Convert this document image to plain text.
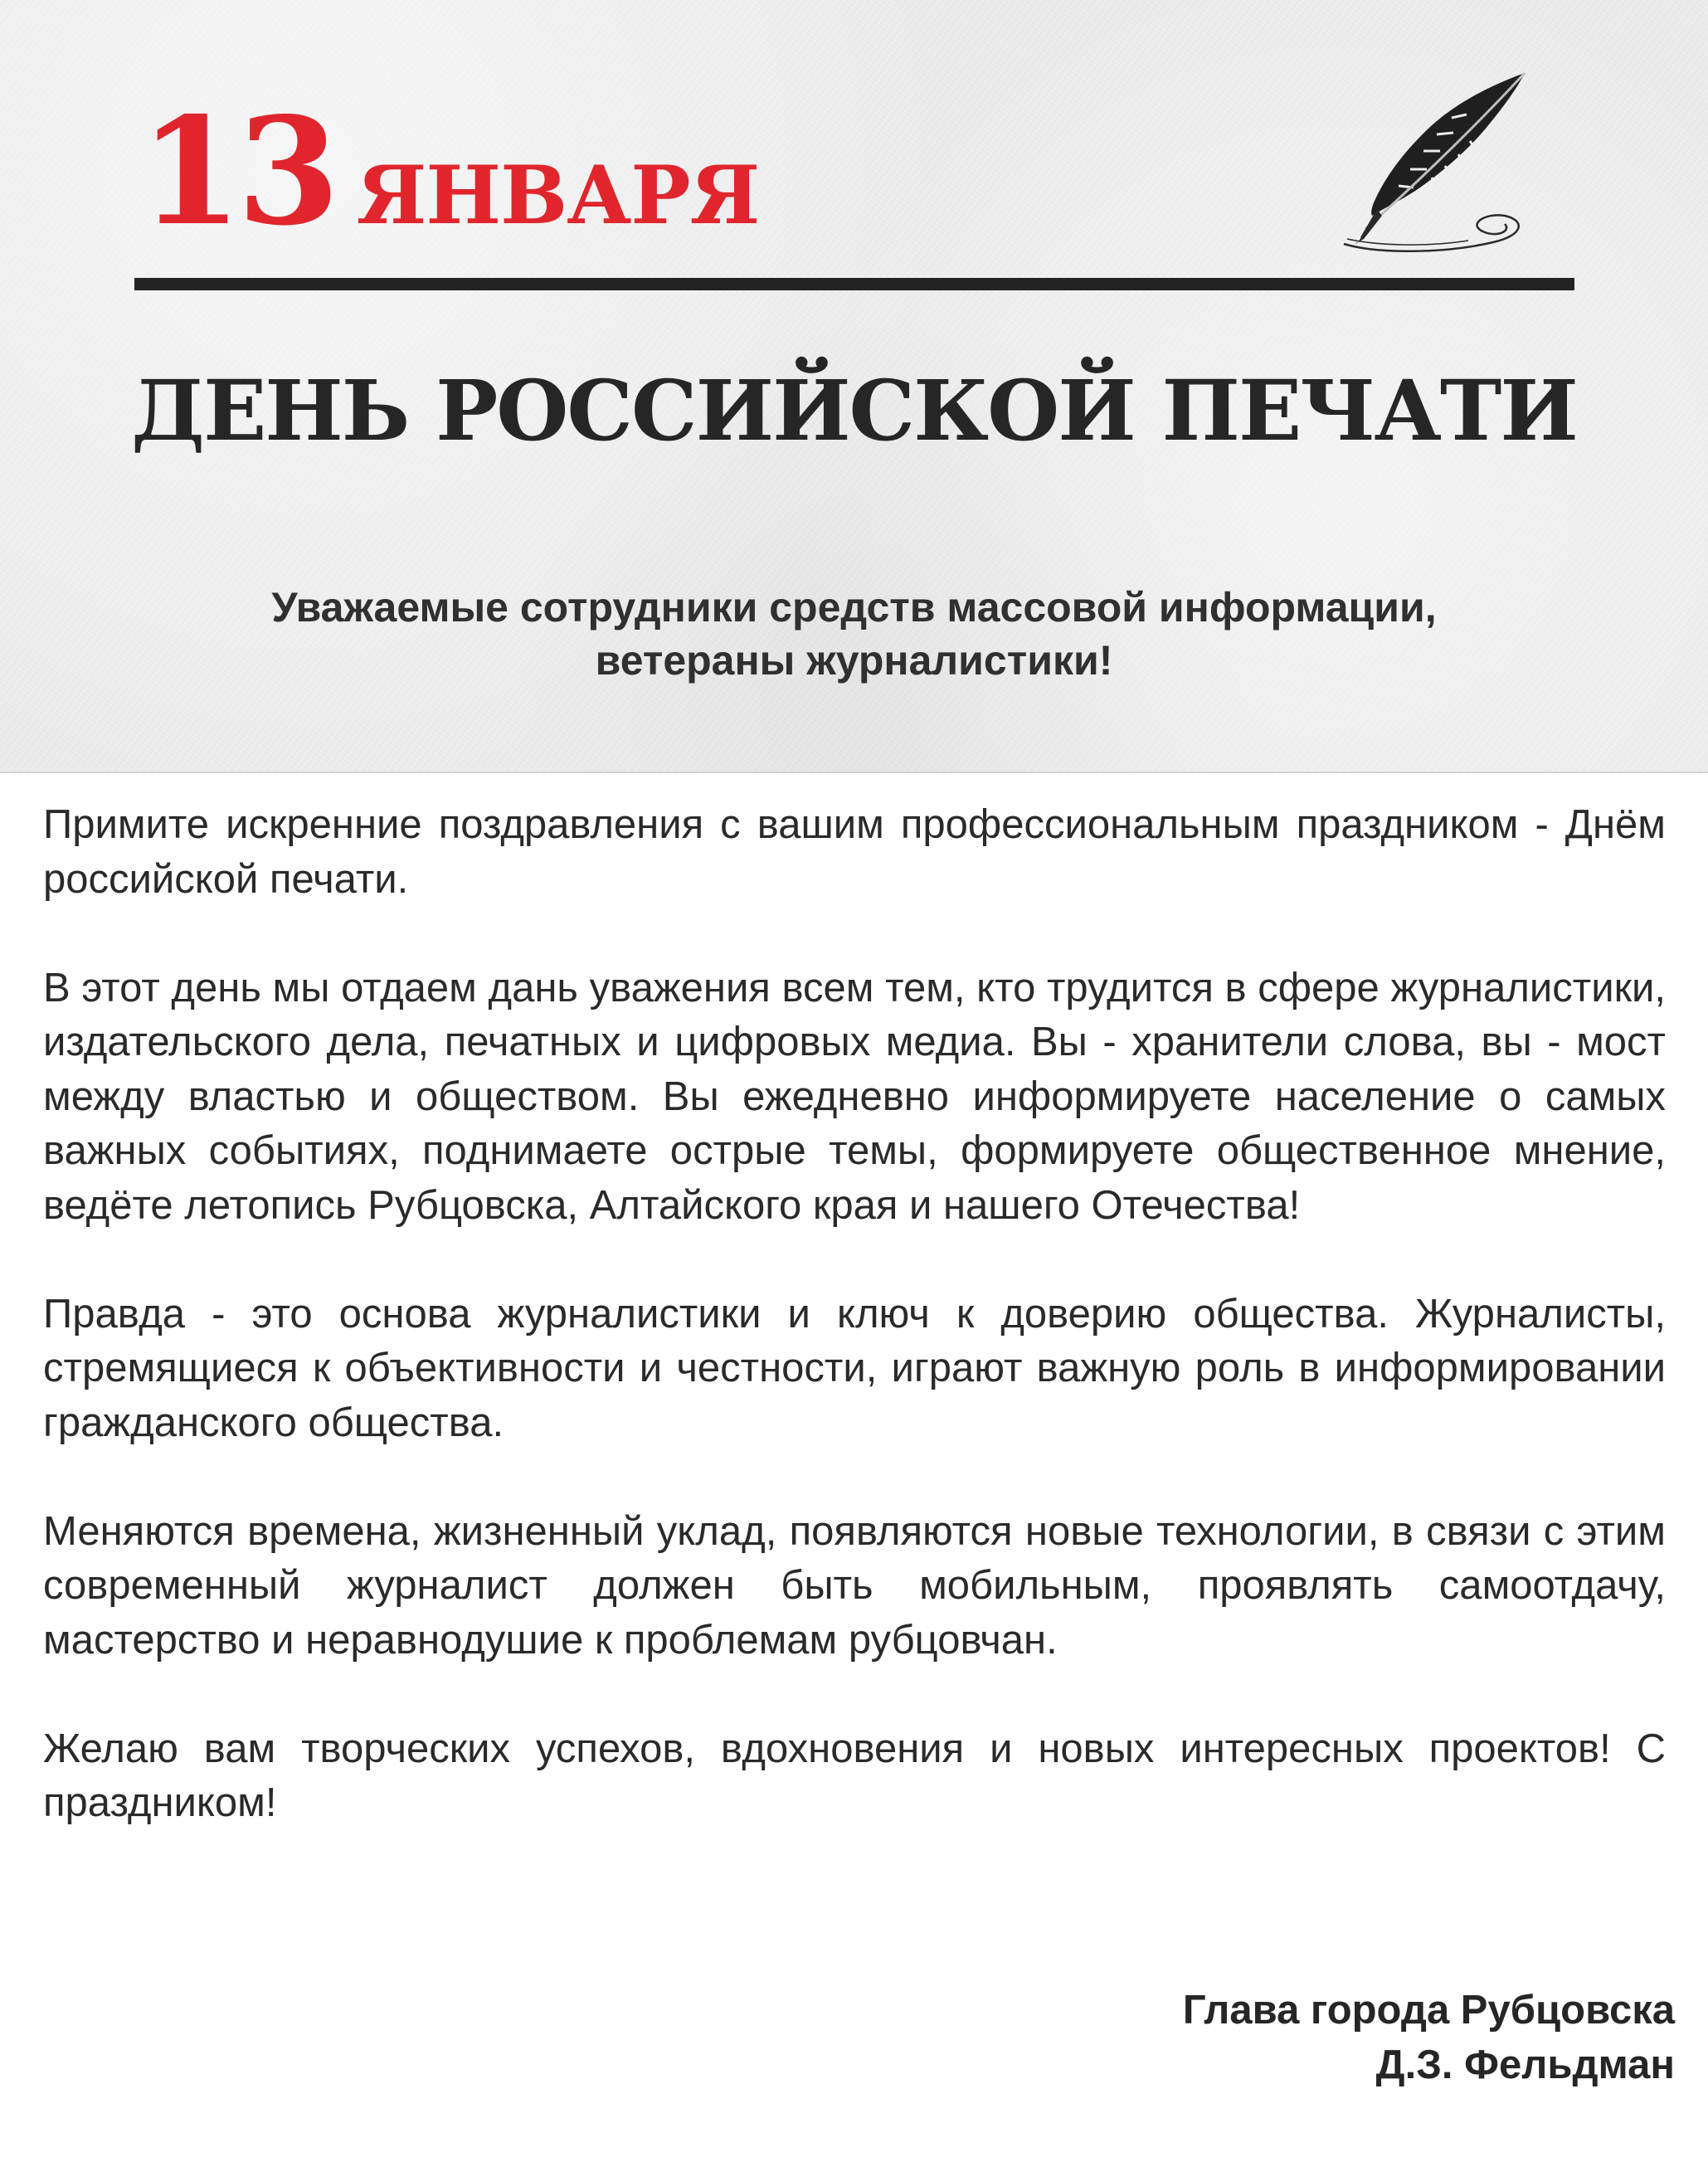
13 ЯНВАРЯ
ДЕНЬ РОССИЙСКОЙ ПЕЧАТИ
Уважаемые сотрудники средств массовой информации,
ветераны журналистики!

Примите искренние поздравления с вашим профессиональным праздником - Днём российской печати.

В этот день мы отдаем дань уважения всем тем, кто трудится в сфере журналистики, издательского дела, печатных и цифровых медиа. Вы - хранители слова, вы - мост между властью и обществом. Вы ежедневно информируете население о самых важных событиях, поднимаете острые темы, формируете общественное мнение, ведёте летопись Рубцовска, Алтайского края и нашего Отечества!

Правда - это основа журналистики и ключ к доверию общества. Журналисты, стремящиеся к объективности и честности, играют важную роль в информировании гражданского общества.

Меняются времена, жизненный уклад, появляются новые технологии, в связи с этим современный журналист должен быть мобильным, проявлять самоотдачу, мастерство и неравнодушие к проблемам рубцовчан.

Желаю вам творческих успехов, вдохновения и новых интересных проектов! С праздником!

Глава города Рубцовска
Д.З. Фельдман
